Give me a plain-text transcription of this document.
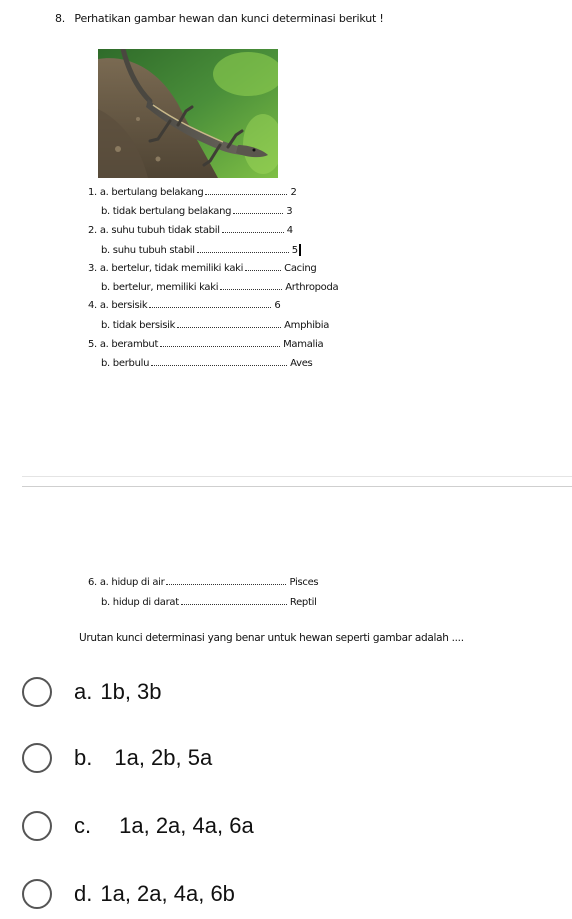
8. Perhatikan gambar hewan dan kunci determinasi berikut !
1. a. bertulang belakang	2
b. tidak bertulang belakang	3
2. a. suhu tubuh tidak stabil	4
b. suhu tubuh stabil	5
3. a. bertelur, tidak memiliki kaki	Cacing
b. bertelur, memiliki kaki	Arthropoda
4. a. bersisik	6
b. tidak bersisik	Amphibia
5. a. berambut	Mamalia
b. berbulu	Aves
6. a. hidup di air	Pisces
b. hidup di darat	Reptil
Urutan kunci determinasi yang benar untuk hewan seperti gambar adalah ....
a. 1b, 3b
b. 1a, 2b, 5a
c. 1a, 2a, 4a, 6a
d. 1a, 2a, 4a, 6b
